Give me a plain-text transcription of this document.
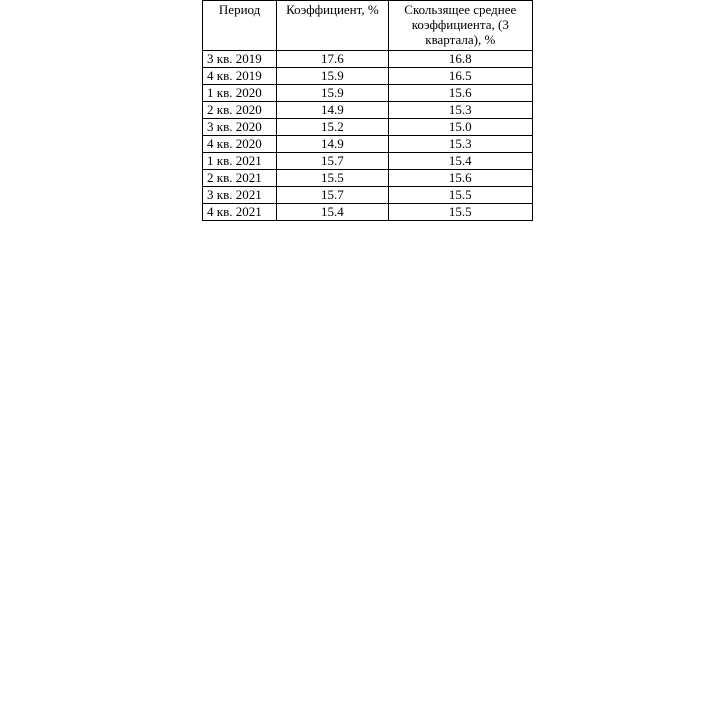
Период	Коэффициент, %	Скользящее среднее коэффициента, (3 квартала), %
3 кв. 2019	17.6	16.8
4 кв. 2019	15.9	16.5
1 кв. 2020	15.9	15.6
2 кв. 2020	14.9	15.3
3 кв. 2020	15.2	15.0
4 кв. 2020	14.9	15.3
1 кв. 2021	15.7	15.4
2 кв. 2021	15.5	15.6
3 кв. 2021	15.7	15.5
4 кв. 2021	15.4	15.5
